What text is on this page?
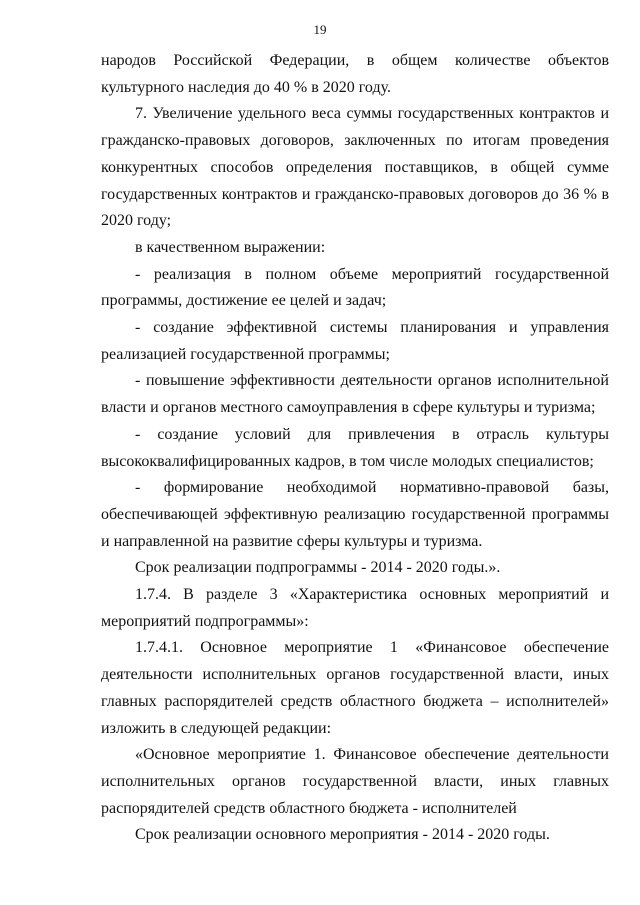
19

народов Российской Федерации, в общем количестве объектов культурного наследия до 40 % в 2020 году.

7. Увеличение удельного веса суммы государственных контрактов и гражданско-правовых договоров, заключенных по итогам проведения конкурентных способов определения поставщиков, в общей сумме государственных контрактов и гражданско-правовых договоров до 36 % в 2020 году;

в качественном выражении:

- реализация в полном объеме мероприятий государственной программы, достижение ее целей и задач;

- создание эффективной системы планирования и управления реализацией государственной программы;

- повышение эффективности деятельности органов исполнительной власти и органов местного самоуправления в сфере культуры и туризма;

- создание условий для привлечения в отрасль культуры высококвалифицированных кадров, в том числе молодых специалистов;

- формирование необходимой нормативно-правовой базы, обеспечивающей эффективную реализацию государственной программы и направленной на развитие сферы культуры и туризма.

Срок реализации подпрограммы - 2014 - 2020 годы.».

1.7.4. В разделе 3 «Характеристика основных мероприятий и мероприятий подпрограммы»:

1.7.4.1. Основное мероприятие 1 «Финансовое обеспечение деятельности исполнительных органов государственной власти, иных главных распорядителей средств областного бюджета – исполнителей» изложить в следующей редакции:

«Основное мероприятие 1. Финансовое обеспечение деятельности исполнительных органов государственной власти, иных главных распорядителей средств областного бюджета - исполнителей

Срок реализации основного мероприятия - 2014 - 2020 годы.
